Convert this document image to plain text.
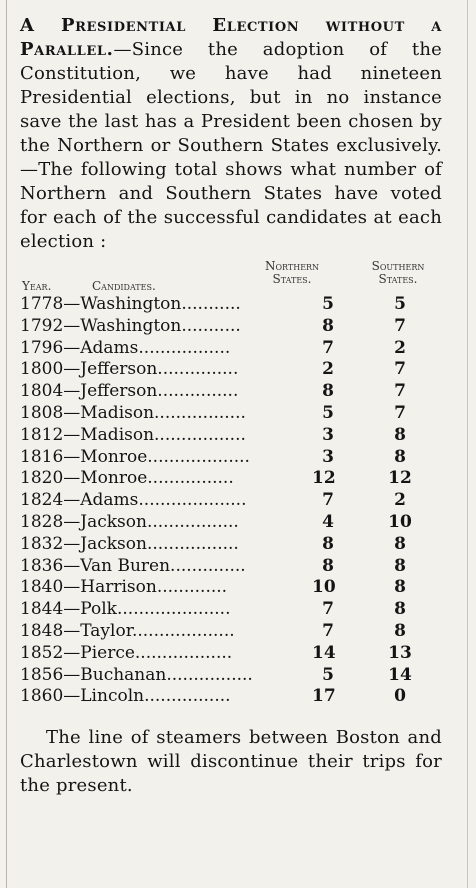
A Presidential Election without a Parallel.—Since the adoption of the Constitution, we have had nineteen Presidential elections, but in no instance save the last has a President been chosen by the Northern or Southern States exclusively.—The following total shows what number of Northern and Southern States have voted for each of the successful candidates at each election :

Year.	Candidates.
Northern States.
Southern States.
1778—Washington...........	5	5
1792—Washington...........	8	7
1796—Adams.................	7	2
1800—Jefferson...............	2	7
1804—Jefferson...............	8	7
1808—Madison.................	5	7
1812—Madison.................	3	8
1816—Monroe...................	3	8
1820—Monroe................	12	12
1824—Adams....................	7	2
1828—Jackson.................	4	10
1832—Jackson.................	8	8
1836—Van Buren..............	8	8
1840—Harrison.............	10	8
1844—Polk.....................	7	8
1848—Taylor...................	7	8
1852—Pierce..................	14	13
1856—Buchanan................	5	14
1860—Lincoln................	17	0

The line of steamers between Boston and Charlestown will discontinue their trips for the present.
